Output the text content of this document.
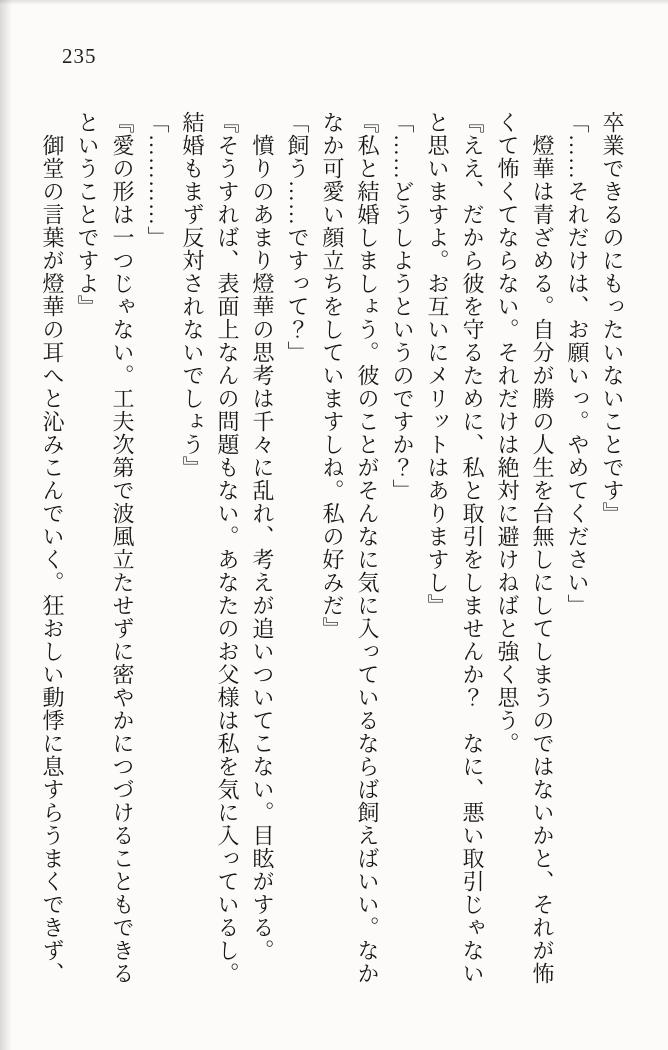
235

卒業できるのにもったいないことです』

「……それだけは、お願いっ。やめてください」

燈華は青ざめる。自分が勝の人生を台無しにしてしまうのではないかと、それが怖

くて怖くてならない。それだけは絶対に避けねばと強く思う。

『ええ、だから彼を守るために、私と取引をしませんか？　なに、悪い取引じゃない

と思いますよ。お互いにメリットはありますし』

「……どうしようというのですか？」

『私と結婚しましょう。彼のことがそんなに気に入っているならば飼えばいい。なか

なか可愛い顔立ちをしていますしね。私の好みだ』

「飼う……ですって？」

憤りのあまり燈華の思考は千々に乱れ、考えが追いついてこない。目眩がする。

『そうすれば、表面上なんの問題もない。あなたのお父様は私を気に入っているし。

結婚もまず反対されないでしょう』

「…………」

『愛の形は一つじゃない。工夫次第で波風立たせずに密やかにつづけることもできる

ということですよ』

御堂の言葉が燈華の耳へと沁みこんでいく。狂おしい動悸に息すらうまくできず、
